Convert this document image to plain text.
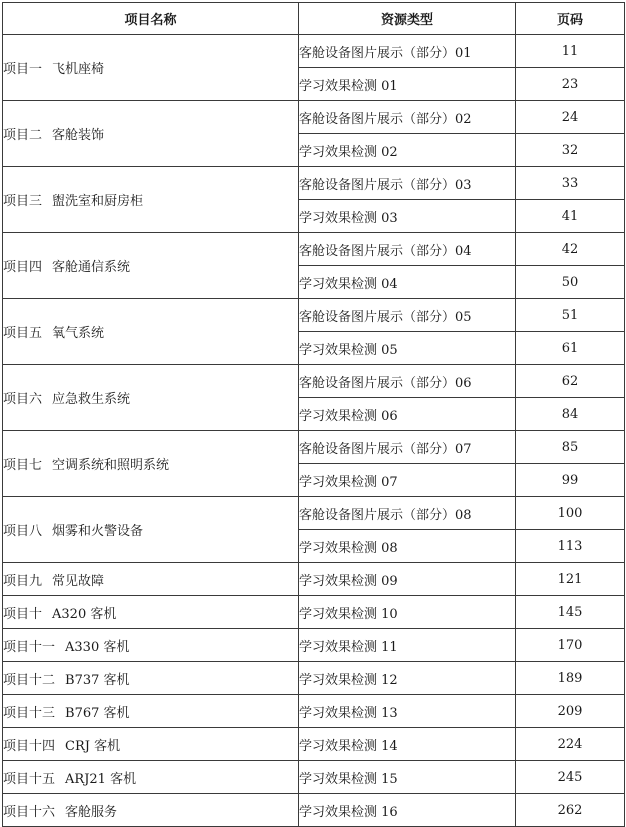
项目名称	资源类型	页码
项目一 飞机座椅	客舱设备图片展示（部分）01	11
	学习效果检测 01	23
项目二 客舱装饰	客舱设备图片展示（部分）02	24
	学习效果检测 02	32
项目三 盥洗室和厨房柜	客舱设备图片展示（部分）03	33
	学习效果检测 03	41
项目四 客舱通信系统	客舱设备图片展示（部分）04	42
	学习效果检测 04	50
项目五 氧气系统	客舱设备图片展示（部分）05	51
	学习效果检测 05	61
项目六 应急救生系统	客舱设备图片展示（部分）06	62
	学习效果检测 06	84
项目七 空调系统和照明系统	客舱设备图片展示（部分）07	85
	学习效果检测 07	99
项目八 烟雾和火警设备	客舱设备图片展示（部分）08	100
	学习效果检测 08	113
项目九 常见故障	学习效果检测 09	121
项目十 A320 客机	学习效果检测 10	145
项目十一 A330 客机	学习效果检测 11	170
项目十二 B737 客机	学习效果检测 12	189
项目十三 B767 客机	学习效果检测 13	209
项目十四 CRJ 客机	学习效果检测 14	224
项目十五 ARJ21 客机	学习效果检测 15	245
项目十六 客舱服务	学习效果检测 16	262
